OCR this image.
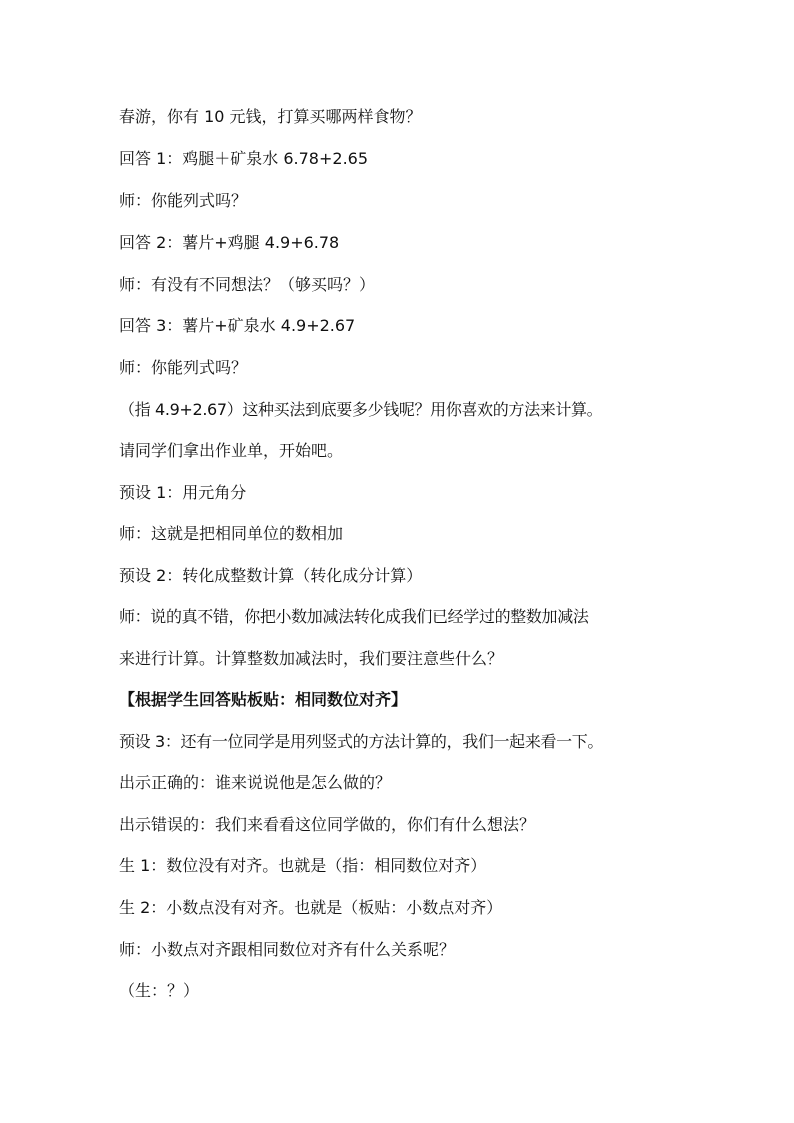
春游，你有 10 元钱，打算买哪两样食物？
回答 1：鸡腿＋矿泉水 6.78+2.65
师：你能列式吗？
回答 2：薯片+鸡腿 4.9+6.78
师：有没有不同想法？（够买吗？）
回答 3：薯片+矿泉水 4.9+2.67
师：你能列式吗？
（指 4.9+2.67）这种买法到底要多少钱呢？用你喜欢的方法来计算。
请同学们拿出作业单，开始吧。
预设 1：用元角分
师：这就是把相同单位的数相加
预设 2：转化成整数计算（转化成分计算）
师：说的真不错，你把小数加减法转化成我们已经学过的整数加减法
来进行计算。计算整数加减法时，我们要注意些什么？
【根据学生回答贴板贴：相同数位对齐】
预设 3：还有一位同学是用列竖式的方法计算的，我们一起来看一下。
出示正确的：谁来说说他是怎么做的？
出示错误的：我们来看看这位同学做的，你们有什么想法？
生 1：数位没有对齐。也就是（指：相同数位对齐）
生 2：小数点没有对齐。也就是（板贴：小数点对齐）
师：小数点对齐跟相同数位对齐有什么关系呢？
（生：？）
